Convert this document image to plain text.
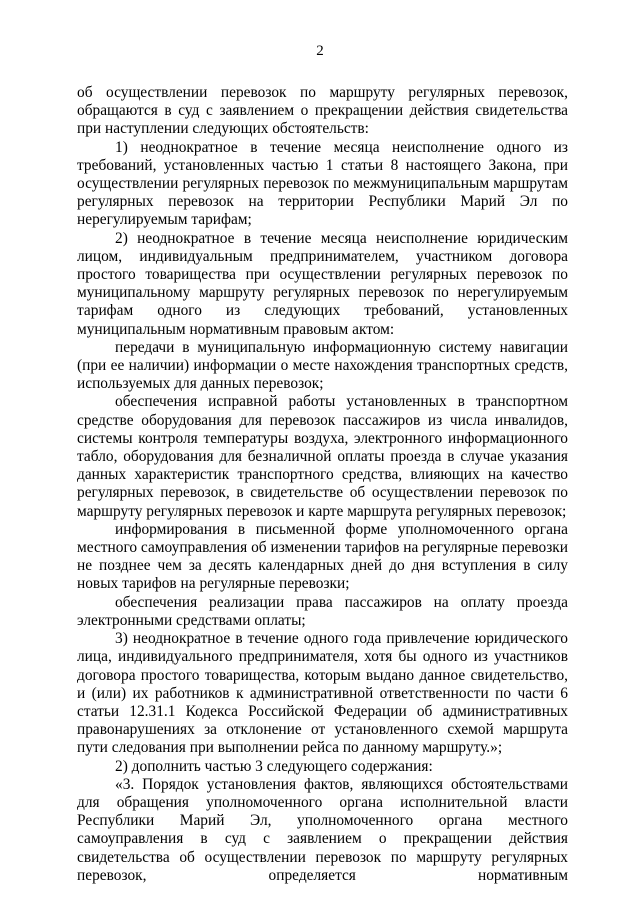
2

об осуществлении перевозок по маршруту регулярных перевозок, обращаются в суд с заявлением о прекращении действия свидетельства при наступлении следующих обстоятельств:

1) неоднократное в течение месяца неисполнение одного из требований, установленных частью 1 статьи 8 настоящего Закона, при осуществлении регулярных перевозок по межмуниципальным маршрутам регулярных перевозок на территории Республики Марий Эл по нерегулируемым тарифам;

2) неоднократное в течение месяца неисполнение юридическим лицом, индивидуальным предпринимателем, участником договора простого товарищества при осуществлении регулярных перевозок по муниципальному маршруту регулярных перевозок по нерегулируемым тарифам одного из следующих требований, установленных муниципальным нормативным правовым актом:

передачи в муниципальную информационную систему навигации (при ее наличии) информации о месте нахождения транспортных средств, используемых для данных перевозок;

обеспечения исправной работы установленных в транспортном средстве оборудования для перевозок пассажиров из числа инвалидов, системы контроля температуры воздуха, электронного информационного табло, оборудования для безналичной оплаты проезда в случае указания данных характеристик транспортного средства, влияющих на качество регулярных перевозок, в свидетельстве об осуществлении перевозок по маршруту регулярных перевозок и карте маршрута регулярных перевозок;

информирования в письменной форме уполномоченного органа местного самоуправления об изменении тарифов на регулярные перевозки не позднее чем за десять календарных дней до дня вступления в силу новых тарифов на регулярные перевозки;

обеспечения реализации права пассажиров на оплату проезда электронными средствами оплаты;

3) неоднократное в течение одного года привлечение юридического лица, индивидуального предпринимателя, хотя бы одного из участников договора простого товарищества, которым выдано данное свидетельство, и (или) их работников к административной ответственности по части 6 статьи 12.31.1 Кодекса Российской Федерации об административных правонарушениях за отклонение от установленного схемой маршрута пути следования при выполнении рейса по данному маршруту.»;

2) дополнить частью 3 следующего содержания:

«3. Порядок установления фактов, являющихся обстоятельствами для обращения уполномоченного органа исполнительной власти Республики Марий Эл, уполномоченного органа местного самоуправления в суд с заявлением о прекращении действия свидетельства об осуществлении перевозок по маршруту регулярных перевозок, определяется нормативным
